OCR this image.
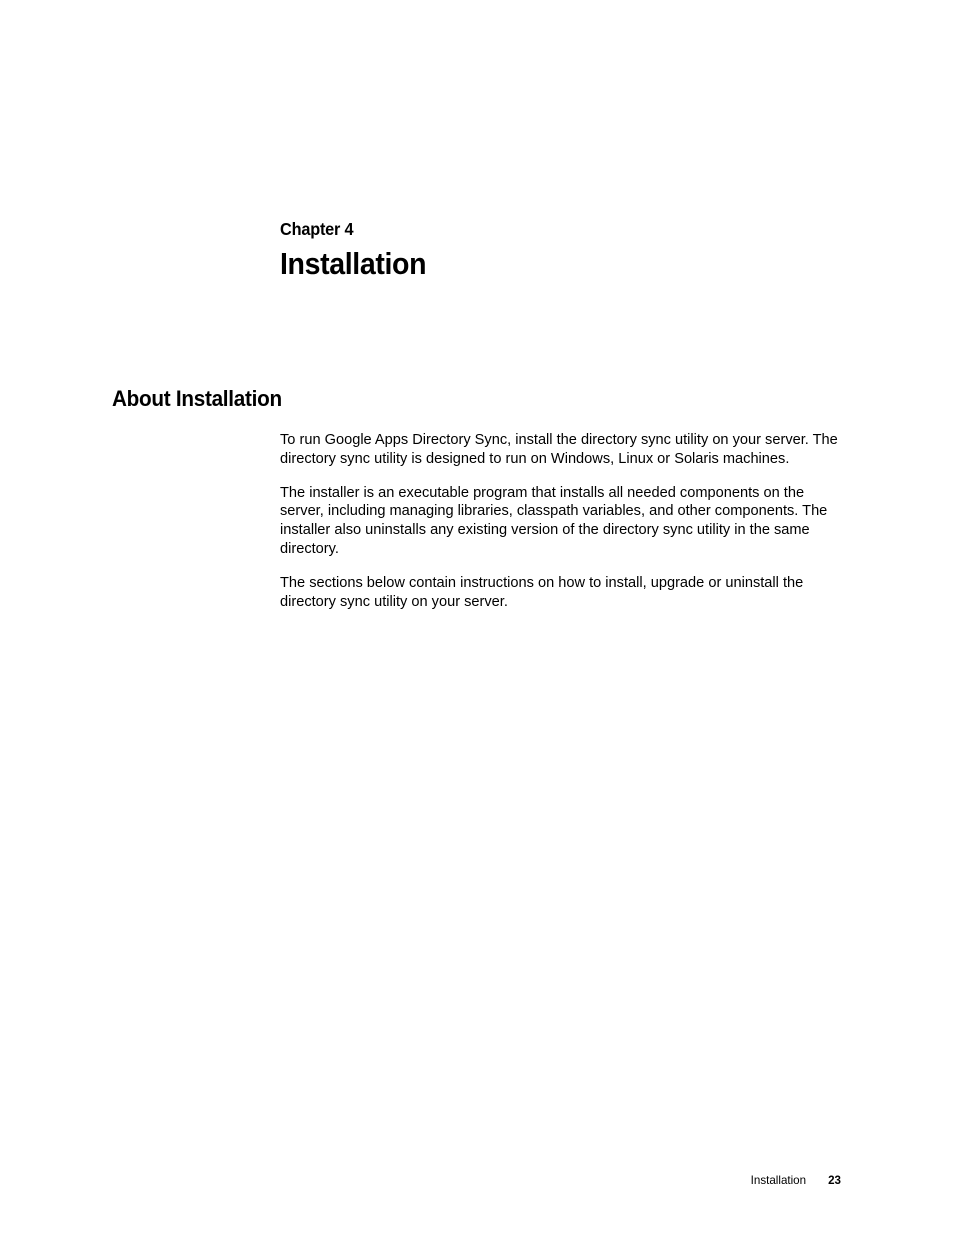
Chapter 4
Installation
About Installation

To run Google Apps Directory Sync, install the directory sync utility on your server. The directory sync utility is designed to run on Windows, Linux or Solaris machines.

The installer is an executable program that installs all needed components on the server, including managing libraries, classpath variables, and other components. The installer also uninstalls any existing version of the directory sync utility in the same directory.

The sections below contain instructions on how to install, upgrade or uninstall the directory sync utility on your server.

Installation 23
